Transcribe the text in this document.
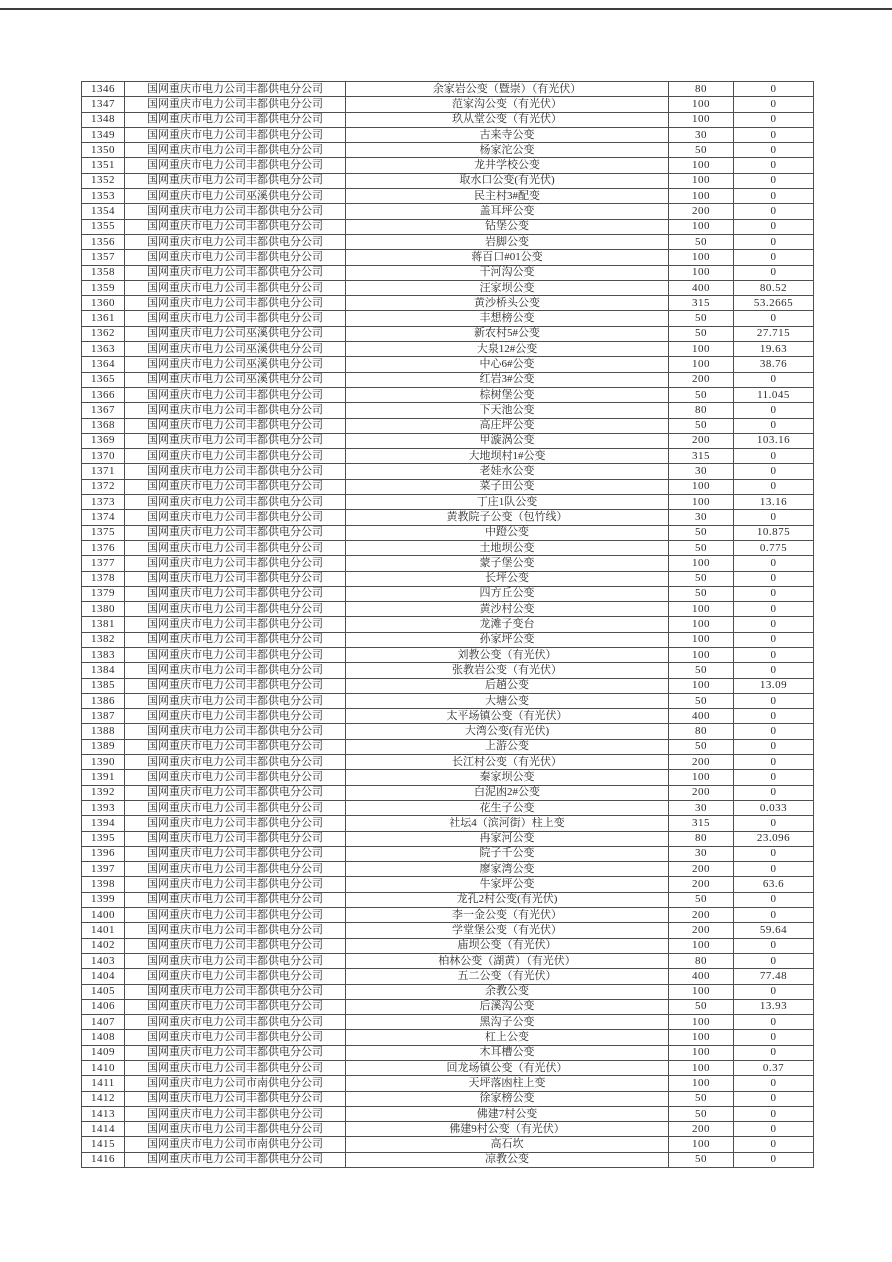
1346	国网重庆市电力公司丰都供电分公司	余家岩公变（暨崇）（有光伏）	80	0
1347	国网重庆市电力公司丰都供电分公司	范家沟公变（有光伏）	100	0
1348	国网重庆市电力公司丰都供电分公司	玖从堂公变（有光伏）	100	0
1349	国网重庆市电力公司丰都供电分公司	古来寺公变	30	0
1350	国网重庆市电力公司丰都供电分公司	杨家沱公变	50	0
1351	国网重庆市电力公司丰都供电分公司	龙井学校公变	100	0
1352	国网重庆市电力公司丰都供电分公司	取水口公变(有光伏)	100	0
1353	国网重庆市电力公司巫溪供电分公司	民主村3#配变	100	0
1354	国网重庆市电力公司丰都供电分公司	盖耳坪公变	200	0
1355	国网重庆市电力公司丰都供电分公司	钻堡公变	100	0
1356	国网重庆市电力公司丰都供电分公司	岩脚公变	50	0
1357	国网重庆市电力公司丰都供电分公司	蒋百口#01公变	100	0
1358	国网重庆市电力公司丰都供电分公司	干河沟公变	100	0
1359	国网重庆市电力公司丰都供电分公司	汪家坝公变	400	80.52
1360	国网重庆市电力公司丰都供电分公司	黄沙桥头公变	315	53.2665
1361	国网重庆市电力公司丰都供电分公司	丰想榜公变	50	0
1362	国网重庆市电力公司巫溪供电分公司	新农村5#公变	50	27.715
1363	国网重庆市电力公司巫溪供电分公司	大泉12#公变	100	19.63
1364	国网重庆市电力公司巫溪供电分公司	中心6#公变	100	38.76
1365	国网重庆市电力公司巫溪供电分公司	红岩3#公变	200	0
1366	国网重庆市电力公司丰都供电分公司	棕树堡公变	50	11.045
1367	国网重庆市电力公司丰都供电分公司	下天池公变	80	0
1368	国网重庆市电力公司丰都供电分公司	高庄坪公变	50	0
1369	国网重庆市电力公司丰都供电分公司	甲漩涡公变	200	103.16
1370	国网重庆市电力公司丰都供电分公司	大地坝村1#公变	315	0
1371	国网重庆市电力公司丰都供电分公司	老娃水公变	30	0
1372	国网重庆市电力公司丰都供电分公司	菜子田公变	100	0
1373	国网重庆市电力公司丰都供电分公司	丁庄1队公变	100	13.16
1374	国网重庆市电力公司丰都供电分公司	黄教院子公变（包竹线）	30	0
1375	国网重庆市电力公司丰都供电分公司	中蹬公变	50	10.875
1376	国网重庆市电力公司丰都供电分公司	土地坝公变	50	0.775
1377	国网重庆市电力公司丰都供电分公司	蒙子堡公变	100	0
1378	国网重庆市电力公司丰都供电分公司	长坪公变	50	0
1379	国网重庆市电力公司丰都供电分公司	四方丘公变	50	0
1380	国网重庆市电力公司丰都供电分公司	黄沙村公变	100	0
1381	国网重庆市电力公司丰都供电分公司	龙滩子变台	100	0
1382	国网重庆市电力公司丰都供电分公司	孙家坪公变	100	0
1383	国网重庆市电力公司丰都供电分公司	刘教公变（有光伏）	100	0
1384	国网重庆市电力公司丰都供电分公司	张教岩公变（有光伏）	50	0
1385	国网重庆市电力公司丰都供电分公司	后趟公变	100	13.09
1386	国网重庆市电力公司丰都供电分公司	大塘公变	50	0
1387	国网重庆市电力公司丰都供电分公司	太平场镇公变（有光伏）	400	0
1388	国网重庆市电力公司丰都供电分公司	大湾公变(有光伏)	80	0
1389	国网重庆市电力公司丰都供电分公司	上游公变	50	0
1390	国网重庆市电力公司丰都供电分公司	长江村公变（有光伏）	200	0
1391	国网重庆市电力公司丰都供电分公司	秦家坝公变	100	0
1392	国网重庆市电力公司丰都供电分公司	白泥凼2#公变	200	0
1393	国网重庆市电力公司丰都供电分公司	花生子公变	30	0.033
1394	国网重庆市电力公司丰都供电分公司	社坛4（滨河街）柱上变	315	0
1395	国网重庆市电力公司丰都供电分公司	冉家河公变	80	23.096
1396	国网重庆市电力公司丰都供电分公司	院子千公变	30	0
1397	国网重庆市电力公司丰都供电分公司	廖家湾公变	200	0
1398	国网重庆市电力公司丰都供电分公司	牛家坪公变	200	63.6
1399	国网重庆市电力公司丰都供电分公司	龙孔2村公变(有光伏)	50	0
1400	国网重庆市电力公司丰都供电分公司	李一金公变（有光伏）	200	0
1401	国网重庆市电力公司丰都供电分公司	学堂堡公变（有光伏）	200	59.64
1402	国网重庆市电力公司丰都供电分公司	庙坝公变（有光伏）	100	0
1403	国网重庆市电力公司丰都供电分公司	柏林公变（湖黄）（有光伏）	80	0
1404	国网重庆市电力公司丰都供电分公司	五二公变（有光伏）	400	77.48
1405	国网重庆市电力公司丰都供电分公司	余教公变	100	0
1406	国网重庆市电力公司丰都供电分公司	后溪沟公变	50	13.93
1407	国网重庆市电力公司丰都供电分公司	黑沟子公变	100	0
1408	国网重庆市电力公司丰都供电分公司	杠上公变	100	0
1409	国网重庆市电力公司丰都供电分公司	木耳槽公变	100	0
1410	国网重庆市电力公司丰都供电分公司	回龙场镇公变（有光伏）	100	0.37
1411	国网重庆市电力公司市南供电分公司	天坪落凼柱上变	100	0
1412	国网重庆市电力公司丰都供电分公司	徐家榜公变	50	0
1413	国网重庆市电力公司丰都供电分公司	佛建7村公变	50	0
1414	国网重庆市电力公司丰都供电分公司	佛建9村公变（有光伏）	200	0
1415	国网重庆市电力公司市南供电分公司	高石坎	100	0
1416	国网重庆市电力公司丰都供电分公司	凉教公变	50	0
